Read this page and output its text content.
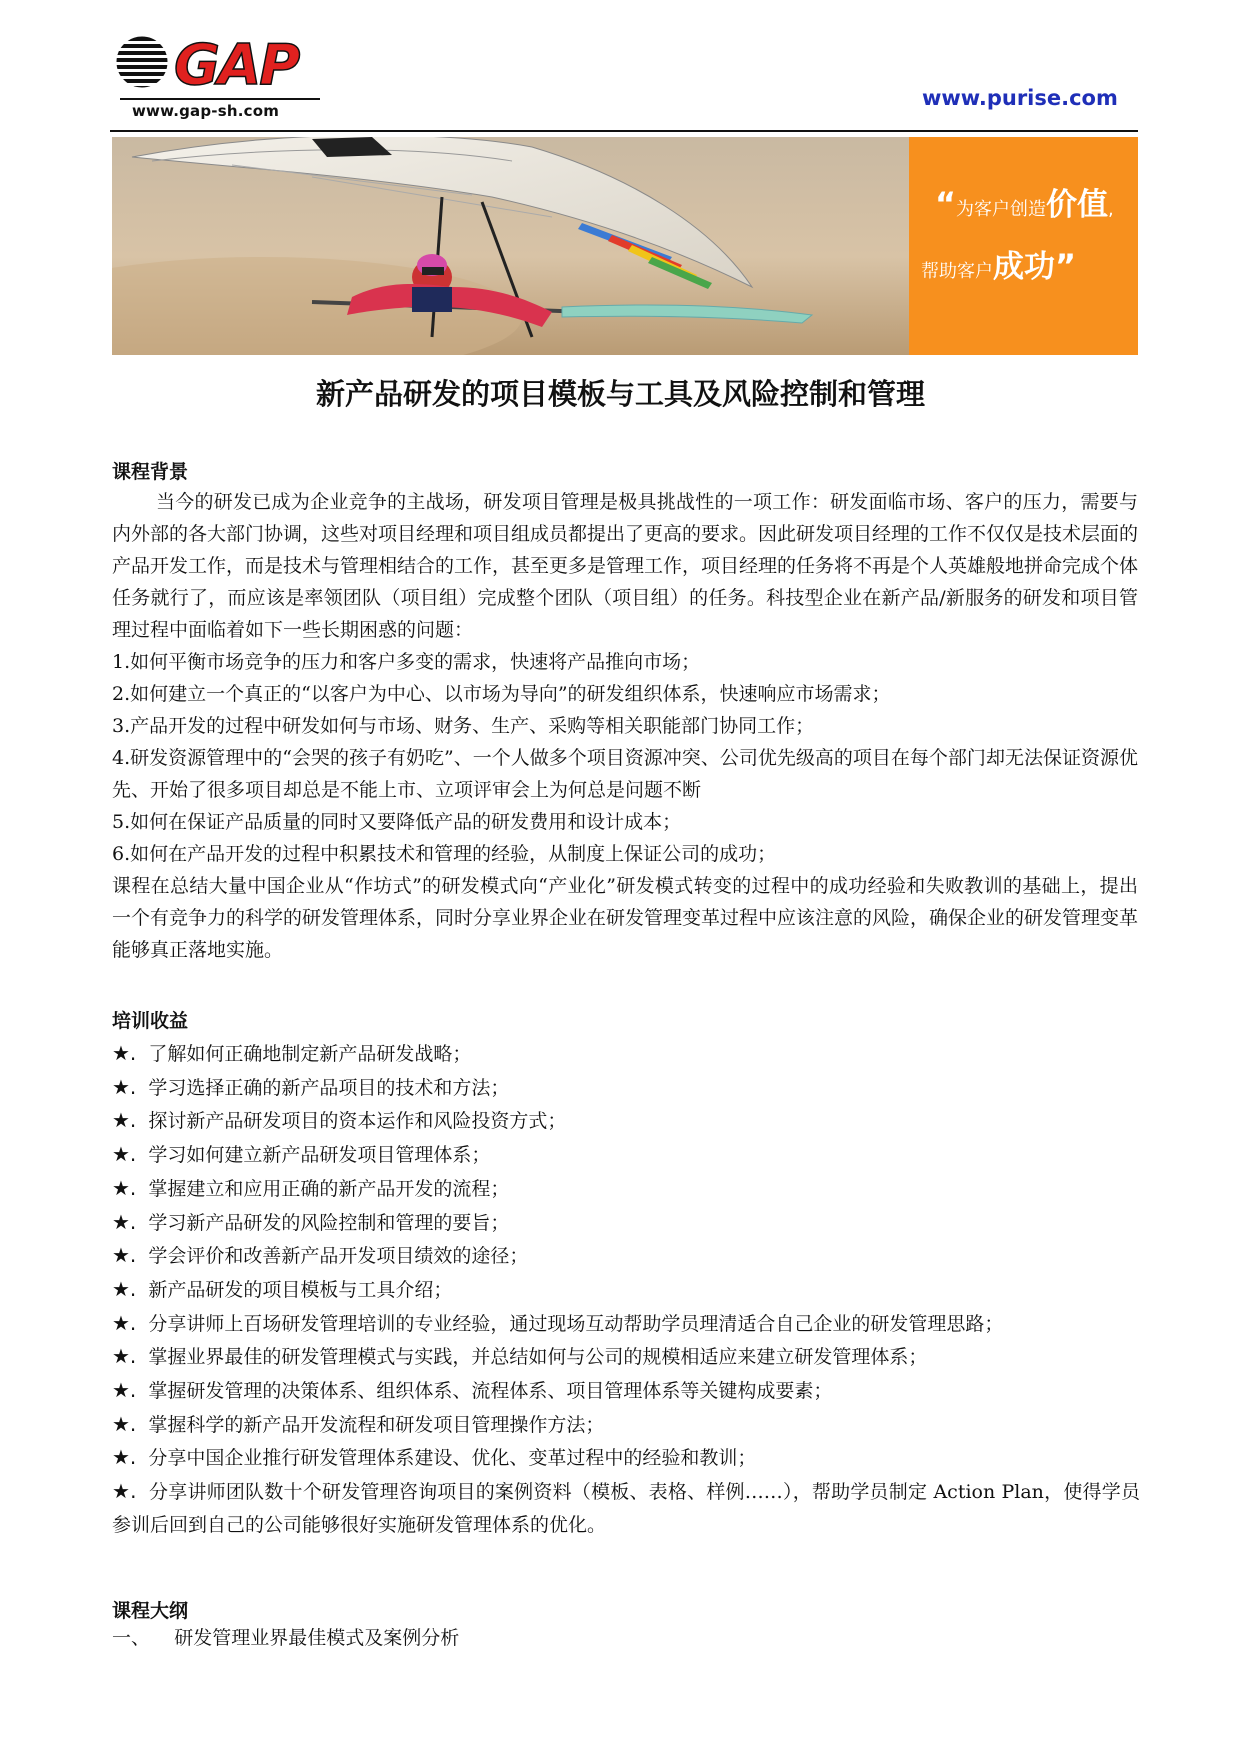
GAP
www.gap-sh.com
www.purise.com
“为客户创造价值,
帮助客户成功”
新产品研发的项目模板与工具及风险控制和管理
课程背景
当今的研发已成为企业竞争的主战场，研发项目管理是极具挑战性的一项工作：研发面临市场、客户的压力，需要与内外部的各大部门协调，这些对项目经理和项目组成员都提出了更高的要求。因此研发项目经理的工作不仅仅是技术层面的产品开发工作，而是技术与管理相结合的工作，甚至更多是管理工作，项目经理的任务将不再是个人英雄般地拼命完成个体任务就行了，而应该是率领团队（项目组）完成整个团队（项目组）的任务。科技型企业在新产品/新服务的研发和项目管理过程中面临着如下一些长期困惑的问题：
1.如何平衡市场竞争的压力和客户多变的需求，快速将产品推向市场；
2.如何建立一个真正的“以客户为中心、以市场为导向”的研发组织体系，快速响应市场需求；
3.产品开发的过程中研发如何与市场、财务、生产、采购等相关职能部门协同工作；
4.研发资源管理中的“会哭的孩子有奶吃”、一个人做多个项目资源冲突、公司优先级高的项目在每个部门却无法保证资源优先、开始了很多项目却总是不能上市、立项评审会上为何总是问题不断
5.如何在保证产品质量的同时又要降低产品的研发费用和设计成本；
6.如何在产品开发的过程中积累技术和管理的经验，从制度上保证公司的成功；
课程在总结大量中国企业从“作坊式”的研发模式向“产业化”研发模式转变的过程中的成功经验和失败教训的基础上，提出一个有竞争力的科学的研发管理体系，同时分享业界企业在研发管理变革过程中应该注意的风险，确保企业的研发管理变革能够真正落地实施。
培训收益
★. 了解如何正确地制定新产品研发战略；
★. 学习选择正确的新产品项目的技术和方法；
★. 探讨新产品研发项目的资本运作和风险投资方式；
★. 学习如何建立新产品研发项目管理体系；
★. 掌握建立和应用正确的新产品开发的流程；
★. 学习新产品研发的风险控制和管理的要旨；
★. 学会评价和改善新产品开发项目绩效的途径；
★. 新产品研发的项目模板与工具介绍；
★. 分享讲师上百场研发管理培训的专业经验，通过现场互动帮助学员理清适合自己企业的研发管理思路；
★. 掌握业界最佳的研发管理模式与实践，并总结如何与公司的规模相适应来建立研发管理体系；
★. 掌握研发管理的决策体系、组织体系、流程体系、项目管理体系等关键构成要素；
★. 掌握科学的新产品开发流程和研发项目管理操作方法；
★. 分享中国企业推行研发管理体系建设、优化、变革过程中的经验和教训；
★. 分享讲师团队数十个研发管理咨询项目的案例资料（模板、表格、样例……），帮助学员制定 Action Plan，使得学员参训后回到自己的公司能够很好实施研发管理体系的优化。
课程大纲
一、 研发管理业界最佳模式及案例分析
